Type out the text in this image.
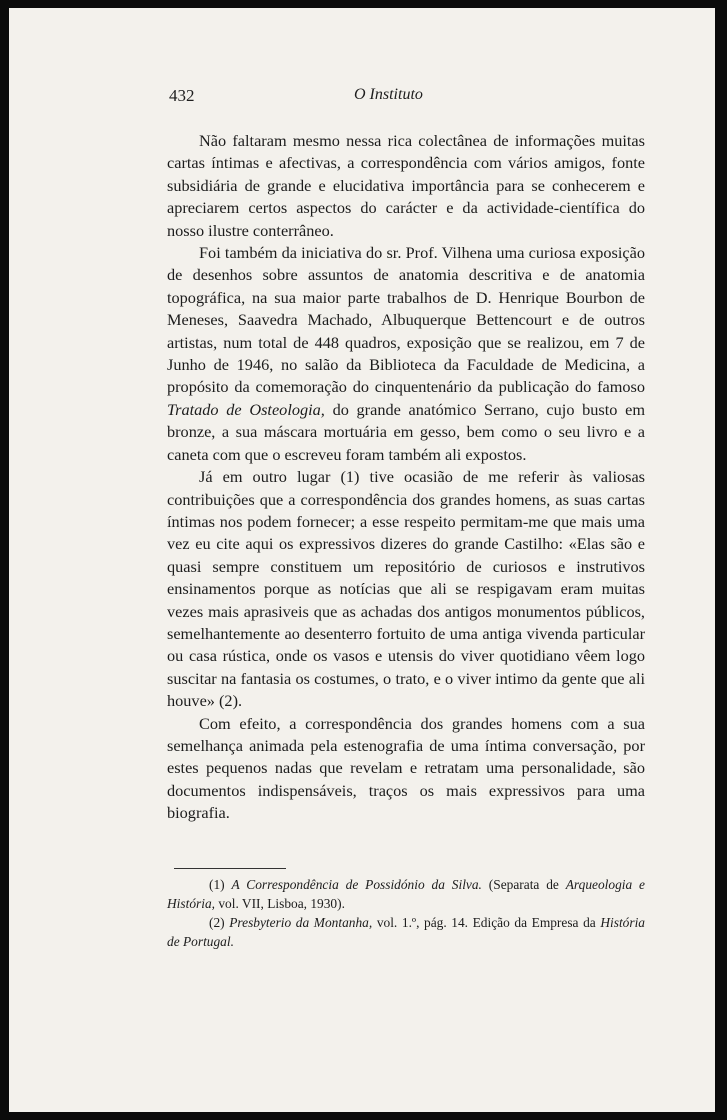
432	O Instituto

Não faltaram mesmo nessa rica colectânea de informações muitas cartas íntimas e afectivas, a correspondência com vários amigos, fonte subsidiária de grande e elucidativa importância para se conhecerem e apreciarem certos aspectos do carácter e da actividade-científica do nosso ilustre conterrâneo.

Foi também da iniciativa do sr. Prof. Vilhena uma curiosa exposição de desenhos sobre assuntos de anatomia descritiva e de anatomia topográfica, na sua maior parte trabalhos de D. Henrique Bourbon de Meneses, Saavedra Machado, Albuquerque Bettencourt e de outros artistas, num total de 448 quadros, exposição que se realizou, em 7 de Junho de 1946, no salão da Biblioteca da Faculdade de Medicina, a propósito da comemoração do cinquentenário da publicação do famoso Tratado de Osteologia, do grande anatómico Serrano, cujo busto em bronze, a sua máscara mortuária em gesso, bem como o seu livro e a caneta com que o escreveu foram também ali expostos.

Já em outro lugar (1) tive ocasião de me referir às valiosas contribuições que a correspondência dos grandes homens, as suas cartas íntimas nos podem fornecer; a esse respeito permitam-me que mais uma vez eu cite aqui os expressivos dizeres do grande Castilho: «Elas são e quasi sempre constituem um repositório de curiosos e instrutivos ensinamentos porque as notícias que ali se respigavam eram muitas vezes mais aprasiveis que as achadas dos antigos monumentos públicos, semelhantemente ao desenterro fortuito de uma antiga vivenda particular ou casa rústica, onde os vasos e utensis do viver quotidiano vêem logo suscitar na fantasia os costumes, o trato, e o viver intimo da gente que ali houve» (2).

Com efeito, a correspondência dos grandes homens com a sua semelhança animada pela estenografia de uma íntima conversação, por estes pequenos nadas que revelam e retratam uma personalidade, são documentos indispensáveis, traços os mais expressivos para uma biografia.

(1) A Correspondência de Possidónio da Silva. (Separata de Arqueologia e História, vol. VII, Lisboa, 1930).

(2) Presbyterio da Montanha, vol. 1.º, pág. 14. Edição da Empresa da História de Portugal.
